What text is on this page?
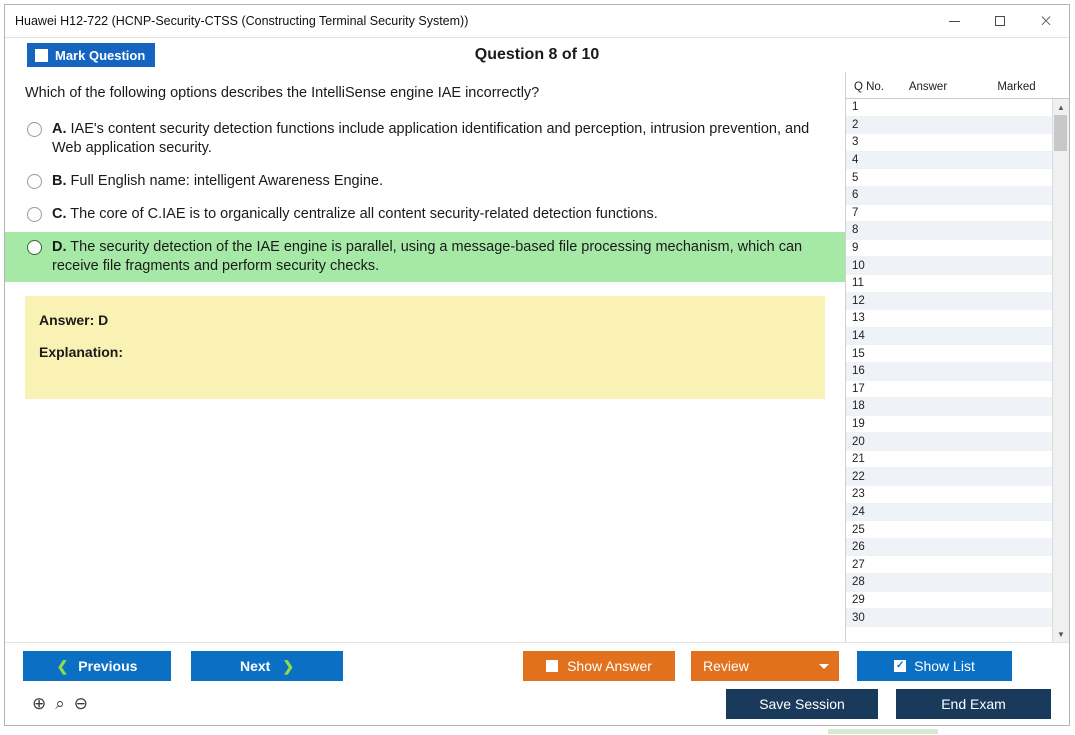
Huawei H12-722 (HCNP-Security-CTSS (Constructing Terminal Security System))	×
Mark Question	Question 8 of 10
Which of the following options describes the IntelliSense engine IAE incorrectly?
A. IAE's content security detection functions include application identification and perception, intrusion prevention, and Web application security.
B. Full English name: intelligent Awareness Engine.
C. The core of C.IAE is to organically centralize all content security-related detection functions.
D. The security detection of the IAE engine is parallel, using a message-based file processing mechanism, which can receive file fragments and perform security checks.
Answer: D
Explanation:
Q No.	Answer	Marked
1
2
3
4
5
6
7
8
9
10
11
12
13
14
15
16
17
18
19
20
21
22
23
24
25
26
27
28
29
30
▲
▼
❮ Previous	Next ❯	Show Answer	Review	✓ Show List
⊕ ⌕ ⊖	Save Session	End Exam
